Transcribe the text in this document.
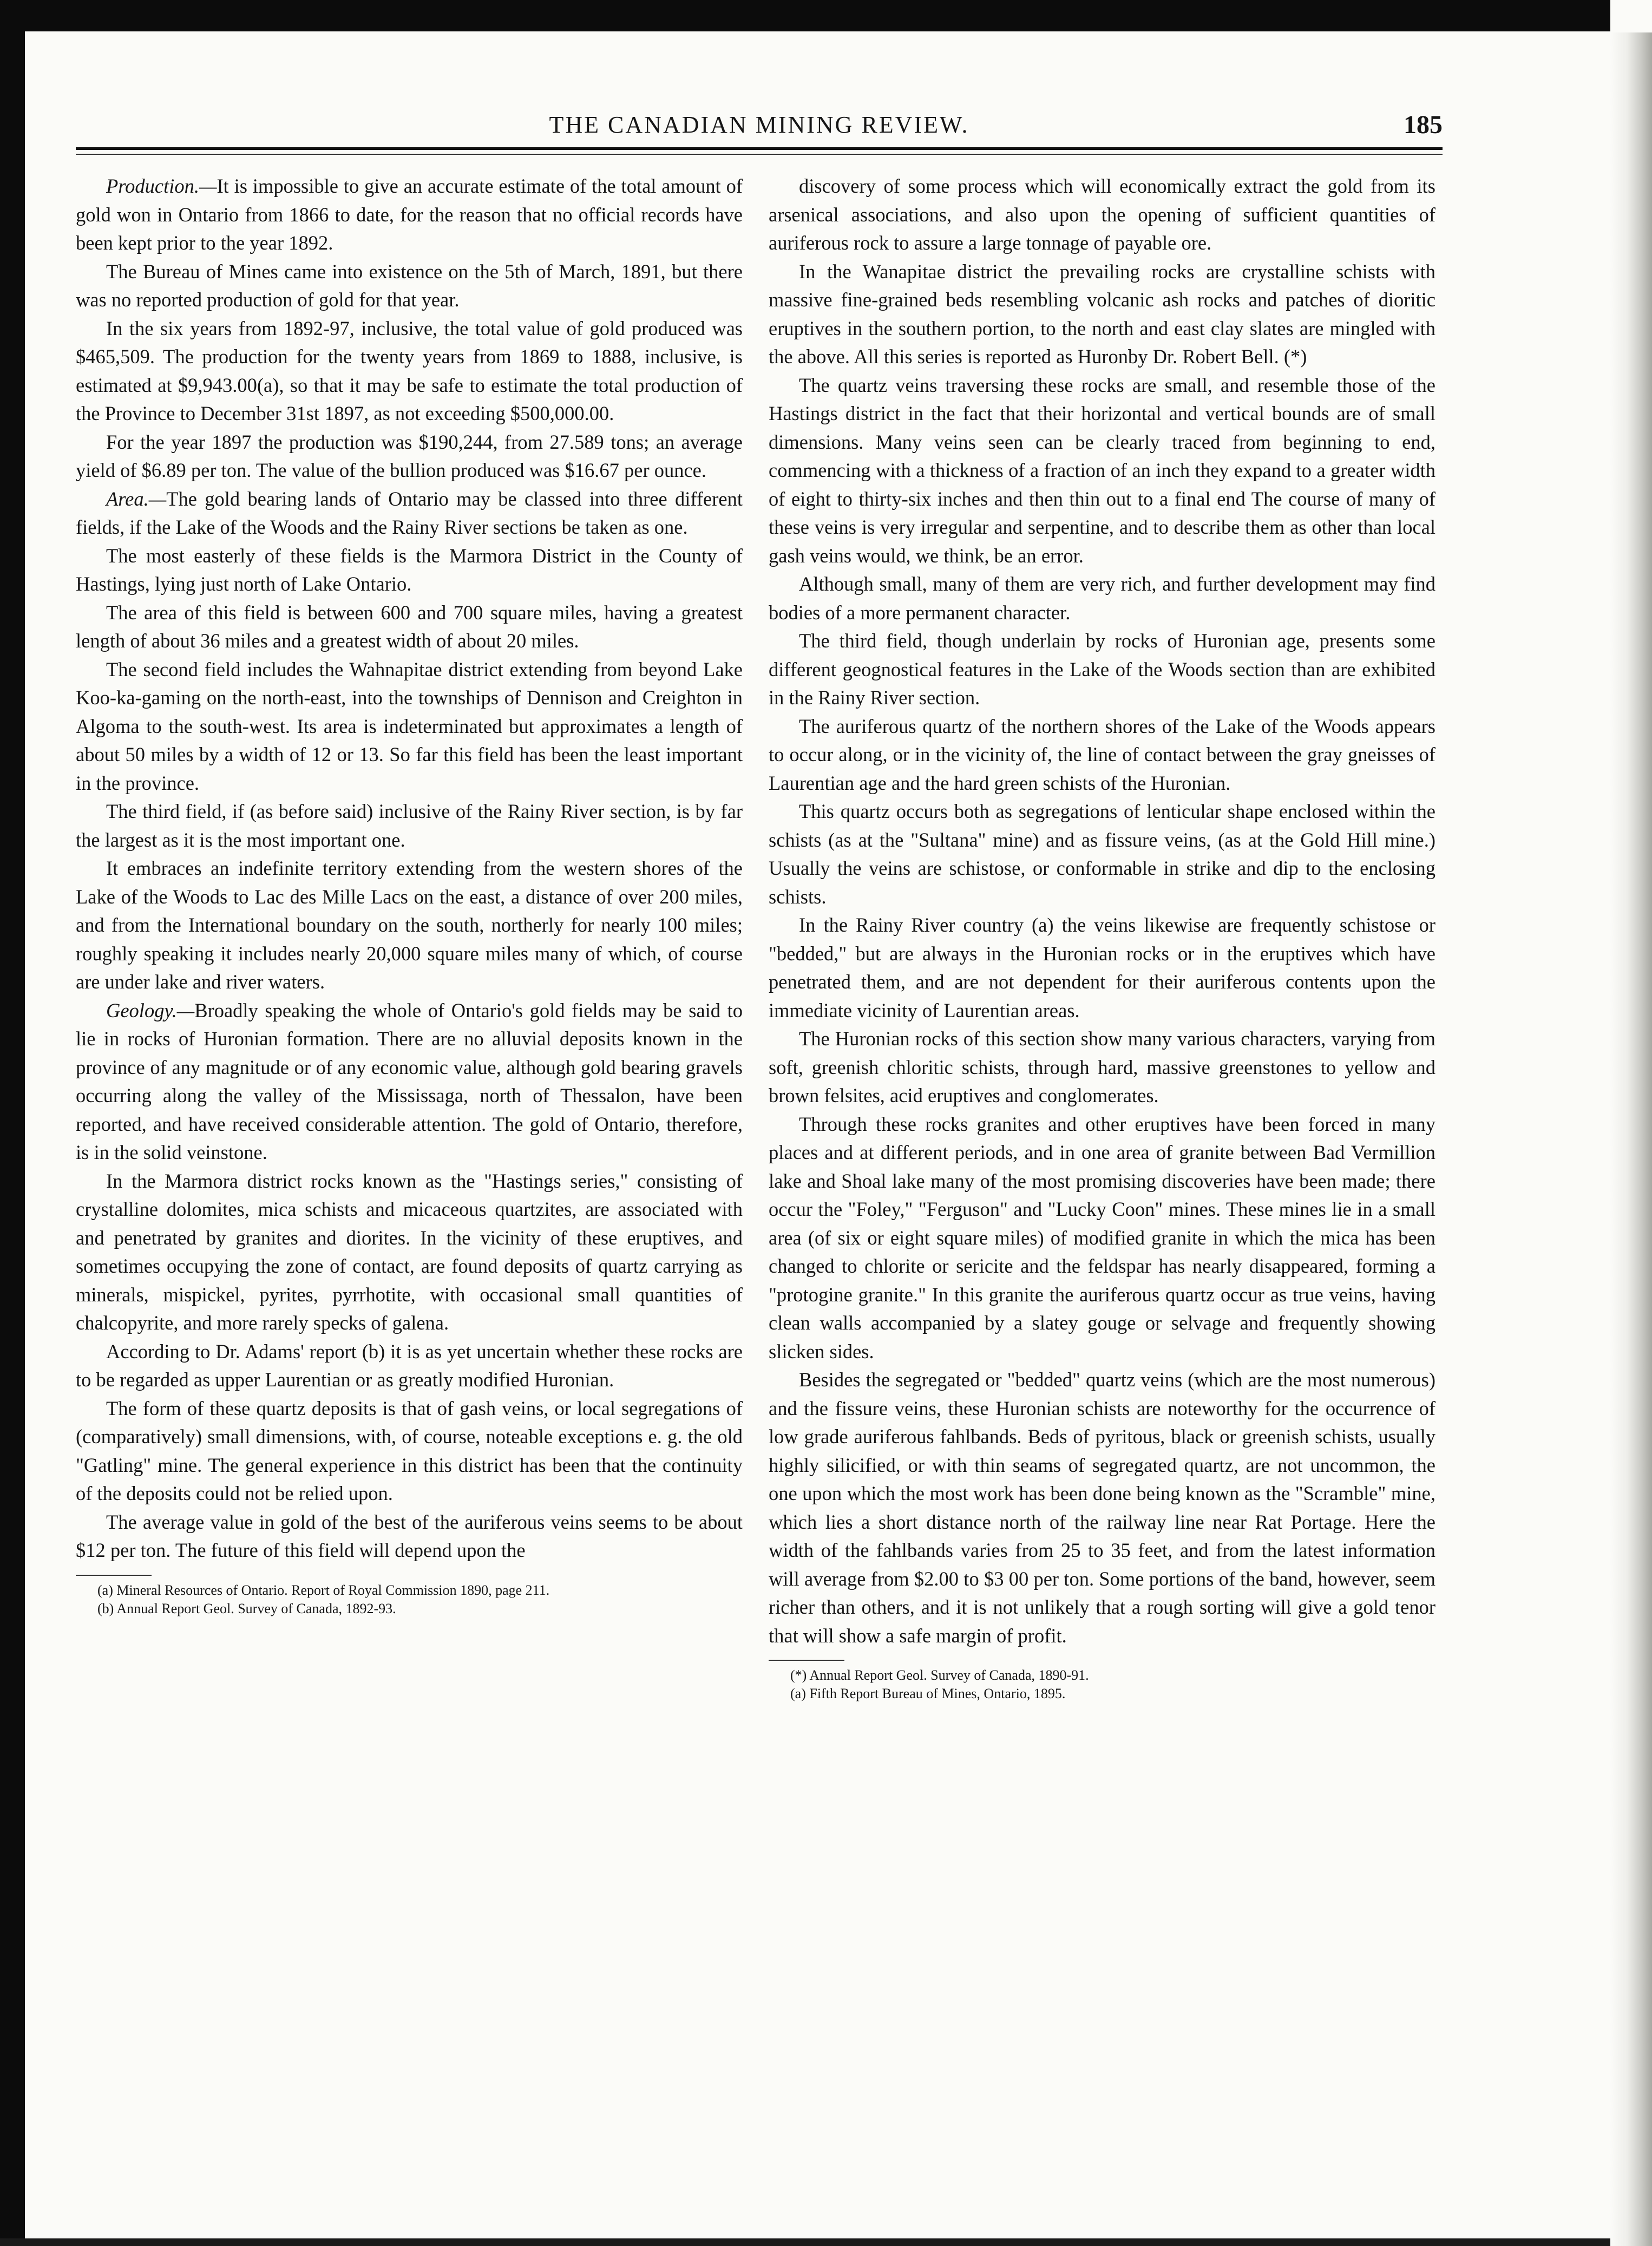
THE CANADIAN MINING REVIEW.	185

Production.—It is impossible to give an accurate estimate of the total amount of gold won in Ontario from 1866 to date, for the reason that no official records have been kept prior to the year 1892.

The Bureau of Mines came into existence on the 5th of March, 1891, but there was no reported production of gold for that year.

In the six years from 1892-97, inclusive, the total value of gold produced was $465,509. The production for the twenty years from 1869 to 1888, inclusive, is estimated at $9,943.00(a), so that it may be safe to estimate the total production of the Province to December 31st 1897, as not exceeding $500,000.00.

For the year 1897 the production was $190,244, from 27.589 tons; an average yield of $6.89 per ton. The value of the bullion produced was $16.67 per ounce.

Area.—The gold bearing lands of Ontario may be classed into three different fields, if the Lake of the Woods and the Rainy River sections be taken as one.

The most easterly of these fields is the Marmora District in the County of Hastings, lying just north of Lake Ontario.

The area of this field is between 600 and 700 square miles, having a greatest length of about 36 miles and a greatest width of about 20 miles.

The second field includes the Wahnapitae district extending from beyond Lake Koo-ka-gaming on the north-east, into the townships of Dennison and Creighton in Algoma to the south-west. Its area is indeterminated but approximates a length of about 50 miles by a width of 12 or 13. So far this field has been the least important in the province.

The third field, if (as before said) inclusive of the Rainy River section, is by far the largest as it is the most important one.

It embraces an indefinite territory extending from the western shores of the Lake of the Woods to Lac des Mille Lacs on the east, a distance of over 200 miles, and from the International boundary on the south, northerly for nearly 100 miles; roughly speaking it includes nearly 20,000 square miles many of which, of course are under lake and river waters.

Geology.—Broadly speaking the whole of Ontario's gold fields may be said to lie in rocks of Huronian formation. There are no alluvial deposits known in the province of any magnitude or of any economic value, although gold bearing gravels occurring along the valley of the Mississaga, north of Thessalon, have been reported, and have received considerable attention. The gold of Ontario, therefore, is in the solid veinstone.

In the Marmora district rocks known as the "Hastings series," consisting of crystalline dolomites, mica schists and micaceous quartzites, are associated with and penetrated by granites and diorites. In the vicinity of these eruptives, and sometimes occupying the zone of contact, are found deposits of quartz carrying as minerals, mispickel, pyrites, pyrrhotite, with occasional small quantities of chalcopyrite, and more rarely specks of galena.

According to Dr. Adams' report (b) it is as yet uncertain whether these rocks are to be regarded as upper Laurentian or as greatly modified Huronian.

The form of these quartz deposits is that of gash veins, or local segregations of (comparatively) small dimensions, with, of course, noteable exceptions e. g. the old "Gatling" mine. The general experience in this district has been that the continuity of the deposits could not be relied upon.

The average value in gold of the best of the auriferous veins seems to be about $12 per ton. The future of this field will depend upon the

(a) Mineral Resources of Ontario. Report of Royal Commission 1890, page 211.

(b) Annual Report Geol. Survey of Canada, 1892-93.

discovery of some process which will economically extract the gold from its arsenical associations, and also upon the opening of sufficient quantities of auriferous rock to assure a large tonnage of payable ore.

In the Wanapitae district the prevailing rocks are crystalline schists with massive fine-grained beds resembling volcanic ash rocks and patches of dioritic eruptives in the southern portion, to the north and east clay slates are mingled with the above. All this series is reported as Huronby Dr. Robert Bell. (*)

The quartz veins traversing these rocks are small, and resemble those of the Hastings district in the fact that their horizontal and vertical bounds are of small dimensions. Many veins seen can be clearly traced from beginning to end, commencing with a thickness of a fraction of an inch they expand to a greater width of eight to thirty-six inches and then thin out to a final end The course of many of these veins is very irregular and serpentine, and to describe them as other than local gash veins would, we think, be an error.

Although small, many of them are very rich, and further development may find bodies of a more permanent character.

The third field, though underlain by rocks of Huronian age, presents some different geognostical features in the Lake of the Woods section than are exhibited in the Rainy River section.

The auriferous quartz of the northern shores of the Lake of the Woods appears to occur along, or in the vicinity of, the line of contact between the gray gneisses of Laurentian age and the hard green schists of the Huronian.

This quartz occurs both as segregations of lenticular shape enclosed within the schists (as at the "Sultana" mine) and as fissure veins, (as at the Gold Hill mine.) Usually the veins are schistose, or conformable in strike and dip to the enclosing schists.

In the Rainy River country (a) the veins likewise are frequently schistose or "bedded," but are always in the Huronian rocks or in the eruptives which have penetrated them, and are not dependent for their auriferous contents upon the immediate vicinity of Laurentian areas.

The Huronian rocks of this section show many various characters, varying from soft, greenish chloritic schists, through hard, massive greenstones to yellow and brown felsites, acid eruptives and conglomerates.

Through these rocks granites and other eruptives have been forced in many places and at different periods, and in one area of granite between Bad Vermillion lake and Shoal lake many of the most promising discoveries have been made; there occur the "Foley," "Ferguson" and "Lucky Coon" mines. These mines lie in a small area (of six or eight square miles) of modified granite in which the mica has been changed to chlorite or sericite and the feldspar has nearly disappeared, forming a "protogine granite." In this granite the auriferous quartz occur as true veins, having clean walls accompanied by a slatey gouge or selvage and frequently showing slicken sides.

Besides the segregated or "bedded" quartz veins (which are the most numerous) and the fissure veins, these Huronian schists are noteworthy for the occurrence of low grade auriferous fahlbands. Beds of pyritous, black or greenish schists, usually highly silicified, or with thin seams of segregated quartz, are not uncommon, the one upon which the most work has been done being known as the "Scramble" mine, which lies a short distance north of the railway line near Rat Portage. Here the width of the fahlbands varies from 25 to 35 feet, and from the latest information will average from $2.00 to $3 00 per ton. Some portions of the band, however, seem richer than others, and it is not unlikely that a rough sorting will give a gold tenor that will show a safe margin of profit.

(*) Annual Report Geol. Survey of Canada, 1890-91.

(a) Fifth Report Bureau of Mines, Ontario, 1895.
